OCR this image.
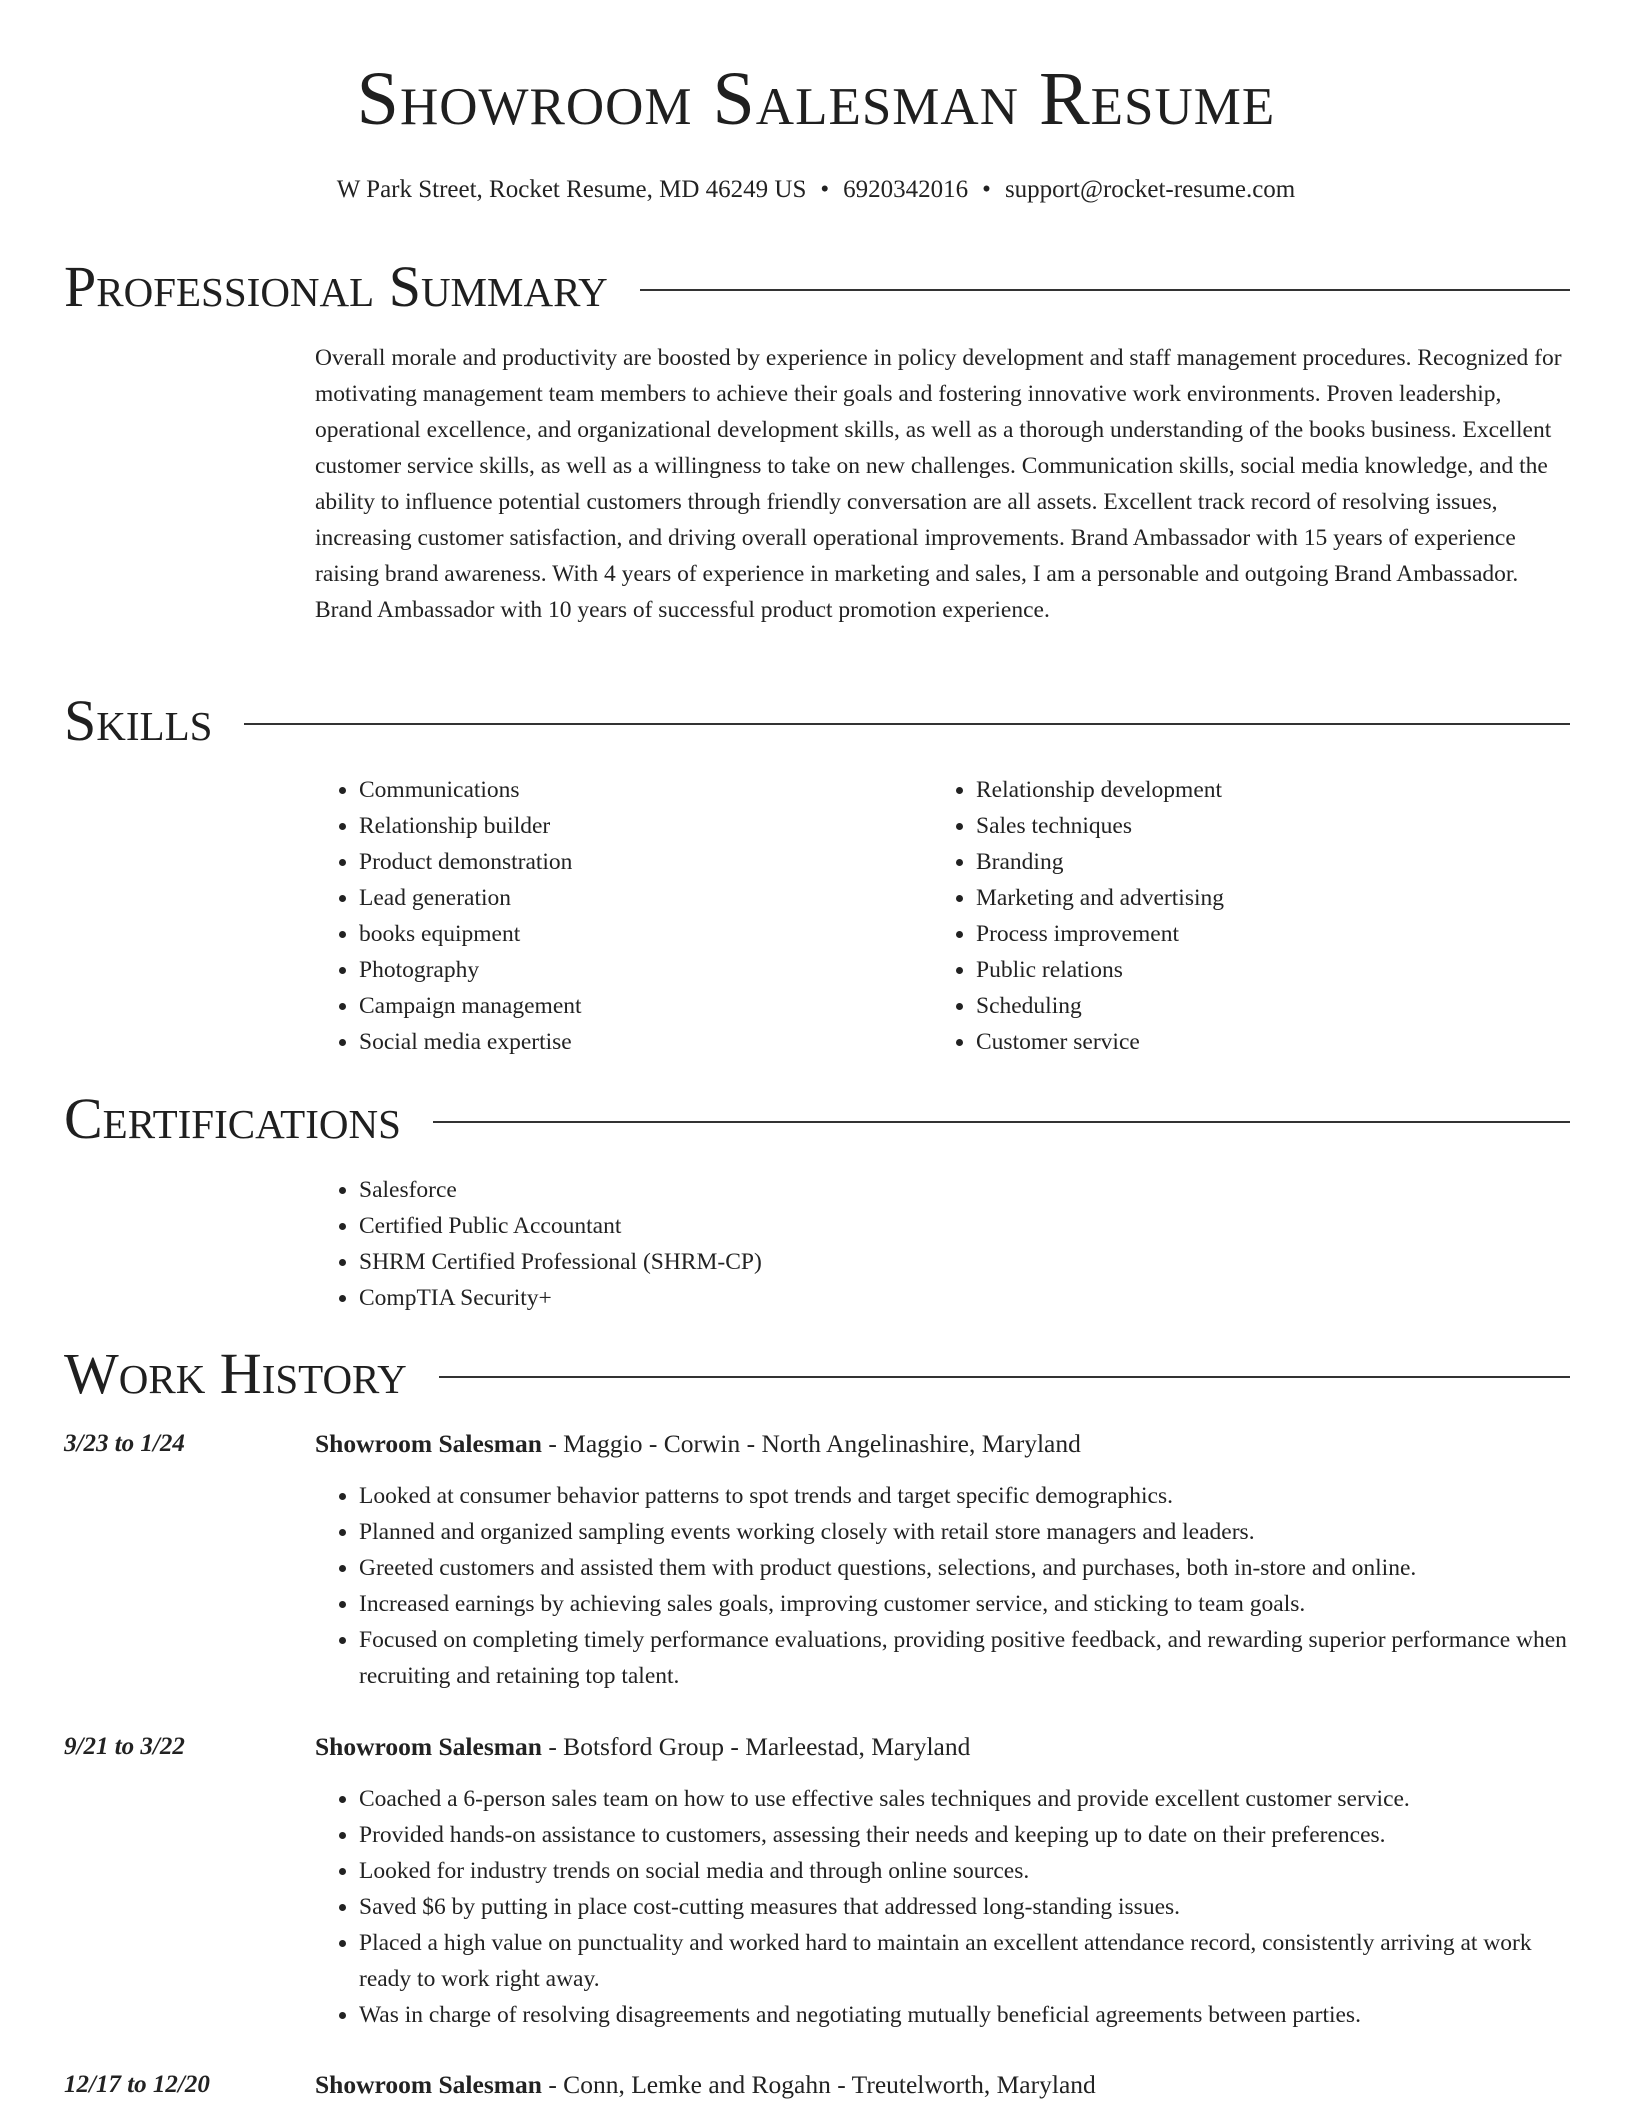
Showroom Salesman Resume
W Park Street, Rocket Resume, MD 46249 US • 6920342016 • support@rocket-resume.com
Professional Summary

Overall morale and productivity are boosted by experience in policy development and staff management procedures. Recognized for motivating management team members to achieve their goals and fostering innovative work environments. Proven leadership, operational excellence, and organizational development skills, as well as a thorough understanding of the books business. Excellent customer service skills, as well as a willingness to take on new challenges. Communication skills, social media knowledge, and the ability to influence potential customers through friendly conversation are all assets. Excellent track record of resolving issues, increasing customer satisfaction, and driving overall operational improvements. Brand Ambassador with 15 years of experience raising brand awareness. With 4 years of experience in marketing and sales, I am a personable and outgoing Brand Ambassador. Brand Ambassador with 10 years of successful product promotion experience.

Skills
• Communications
• Relationship builder
• Product demonstration
• Lead generation
• books equipment
• Photography
• Campaign management
• Social media expertise
• Relationship development
• Sales techniques
• Branding
• Marketing and advertising
• Process improvement
• Public relations
• Scheduling
• Customer service
Certifications
• Salesforce
• Certified Public Accountant
• SHRM Certified Professional (SHRM-CP)
• CompTIA Security+
Work History
3/23 to 1/24	Showroom Salesman - Maggio - Corwin - North Angelinashire, Maryland
• Looked at consumer behavior patterns to spot trends and target specific demographics.
• Planned and organized sampling events working closely with retail store managers and leaders.
• Greeted customers and assisted them with product questions, selections, and purchases, both in-store and online.
• Increased earnings by achieving sales goals, improving customer service, and sticking to team goals.
• Focused on completing timely performance evaluations, providing positive feedback, and rewarding superior performance when recruiting and retaining top talent.
9/21 to 3/22	Showroom Salesman - Botsford Group - Marleestad, Maryland
• Coached a 6-person sales team on how to use effective sales techniques and provide excellent customer service.
• Provided hands-on assistance to customers, assessing their needs and keeping up to date on their preferences.
• Looked for industry trends on social media and through online sources.
• Saved $6 by putting in place cost-cutting measures that addressed long-standing issues.
• Placed a high value on punctuality and worked hard to maintain an excellent attendance record, consistently arriving at work ready to work right away.
• Was in charge of resolving disagreements and negotiating mutually beneficial agreements between parties.
12/17 to 12/20	Showroom Salesman - Conn, Lemke and Rogahn - Treutelworth, Maryland
